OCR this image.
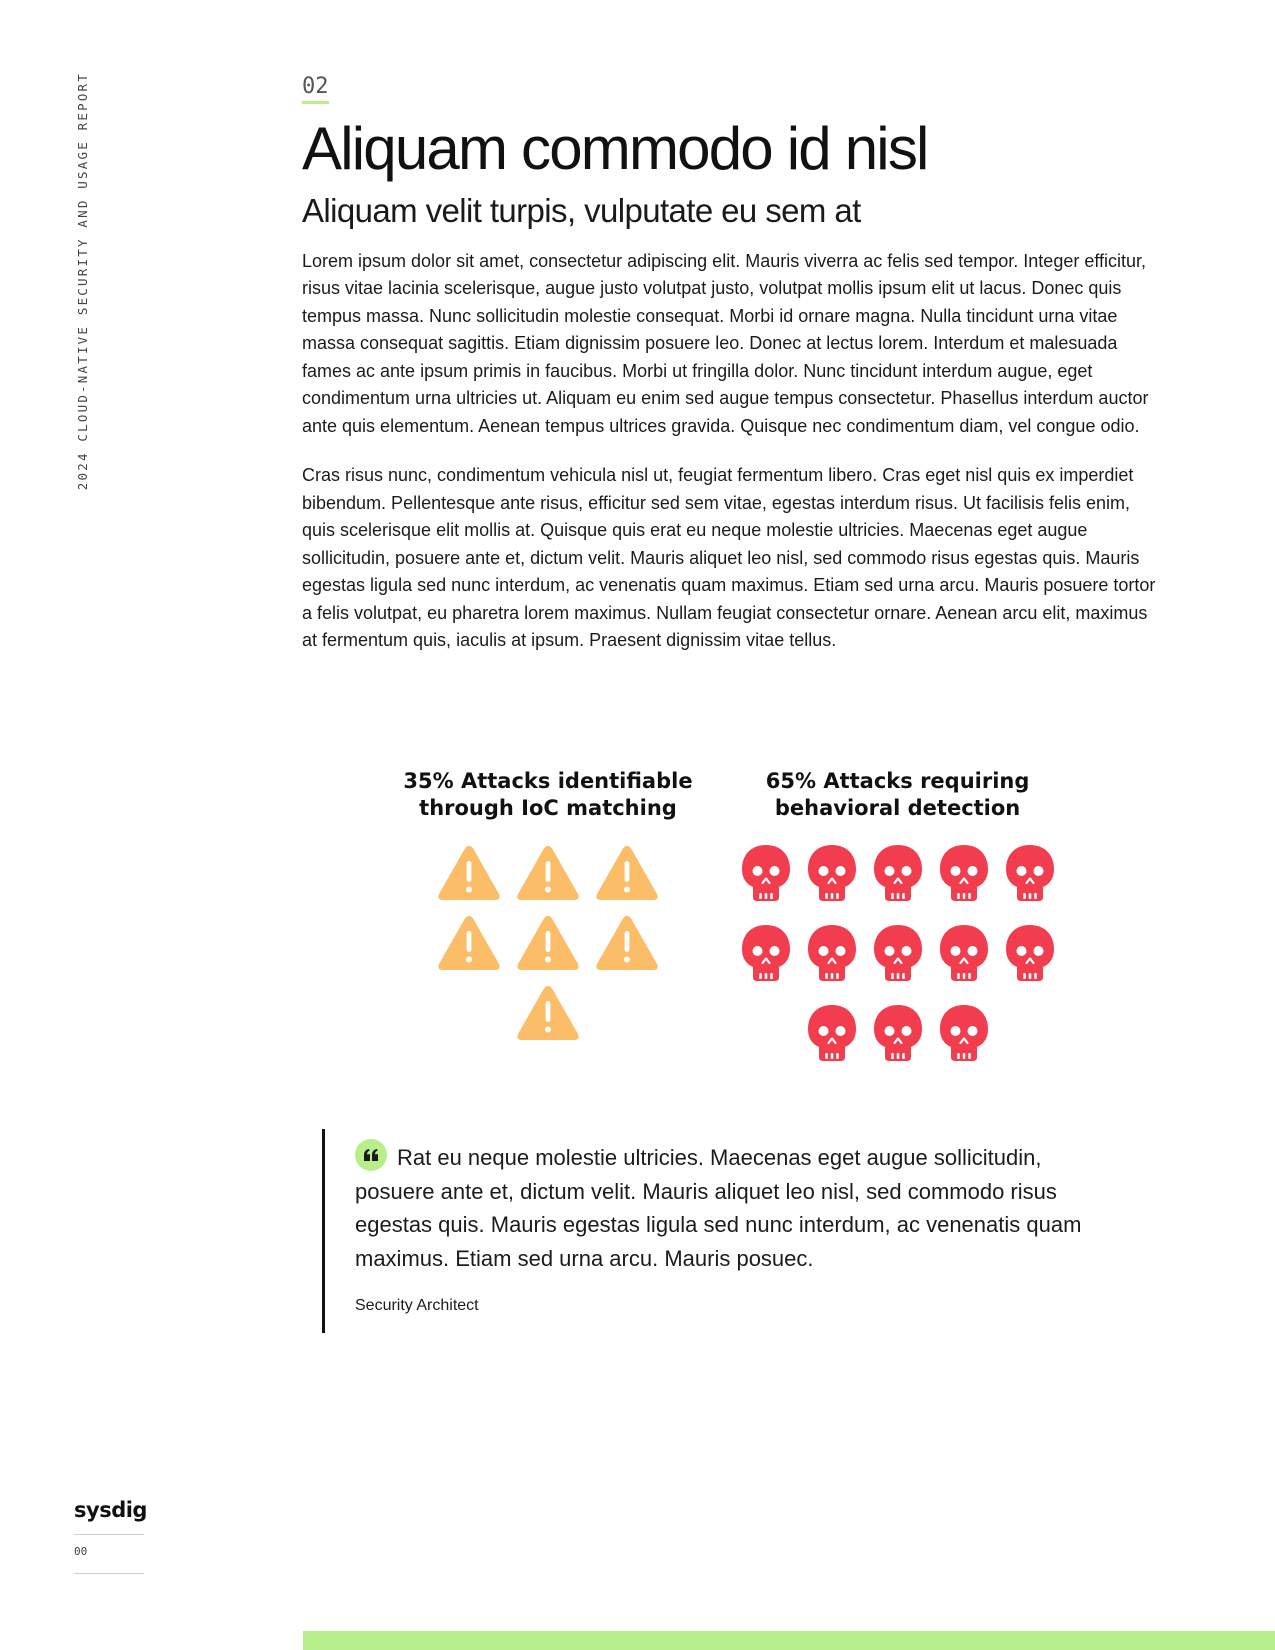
2024 CLOUD-NATIVE SECURITY AND USAGE REPORT	02
Aliquam commodo id nisl
Aliquam velit turpis, vulputate eu sem at

Lorem ipsum dolor sit amet, consectetur adipiscing elit. Mauris viverra ac felis sed tempor. Integer efficitur, risus vitae lacinia scelerisque, augue justo volutpat justo, volutpat mollis ipsum elit ut lacus. Donec quis tempus massa. Nunc sollicitudin molestie consequat. Morbi id ornare magna. Nulla tincidunt urna vitae massa consequat sagittis. Etiam dignissim posuere leo. Donec at lectus lorem. Interdum et malesuada fames ac ante ipsum primis in faucibus. Morbi ut fringilla dolor. Nunc tincidunt interdum augue, eget condimentum urna ultricies ut. Aliquam eu enim sed augue tempus consectetur. Phasellus interdum auctor ante quis elementum. Aenean tempus ultrices gravida. Quisque nec condimentum diam, vel congue odio.

Cras risus nunc, condimentum vehicula nisl ut, feugiat fermentum libero. Cras eget nisl quis ex imperdiet bibendum. Pellentesque ante risus, efficitur sed sem vitae, egestas interdum risus. Ut facilisis felis enim, quis scelerisque elit mollis at. Quisque quis erat eu neque molestie ultricies. Maecenas eget augue sollicitudin, posuere ante et, dictum velit. Mauris aliquet leo nisl, sed commodo risus egestas quis. Mauris egestas ligula sed nunc interdum, ac venenatis quam maximus. Etiam sed urna arcu. Mauris posuere tortor a felis volutpat, eu pharetra lorem maximus. Nullam feugiat consectetur ornare. Aenean arcu elit, maximus at fermentum quis, iaculis at ipsum. Praesent dignissim vitae tellus.

35% Attacks identifiable
through IoC matching
65% Attacks requiring
behavioral detection

Rat eu neque molestie ultricies. Maecenas eget augue sollicitudin, posuere ante et, dictum velit. Mauris aliquet leo nisl, sed commodo risus egestas quis. Mauris egestas ligula sed nunc interdum, ac venenatis quam maximus. Etiam sed urna arcu. Mauris posuec.

Security Architect

sysdig
00
